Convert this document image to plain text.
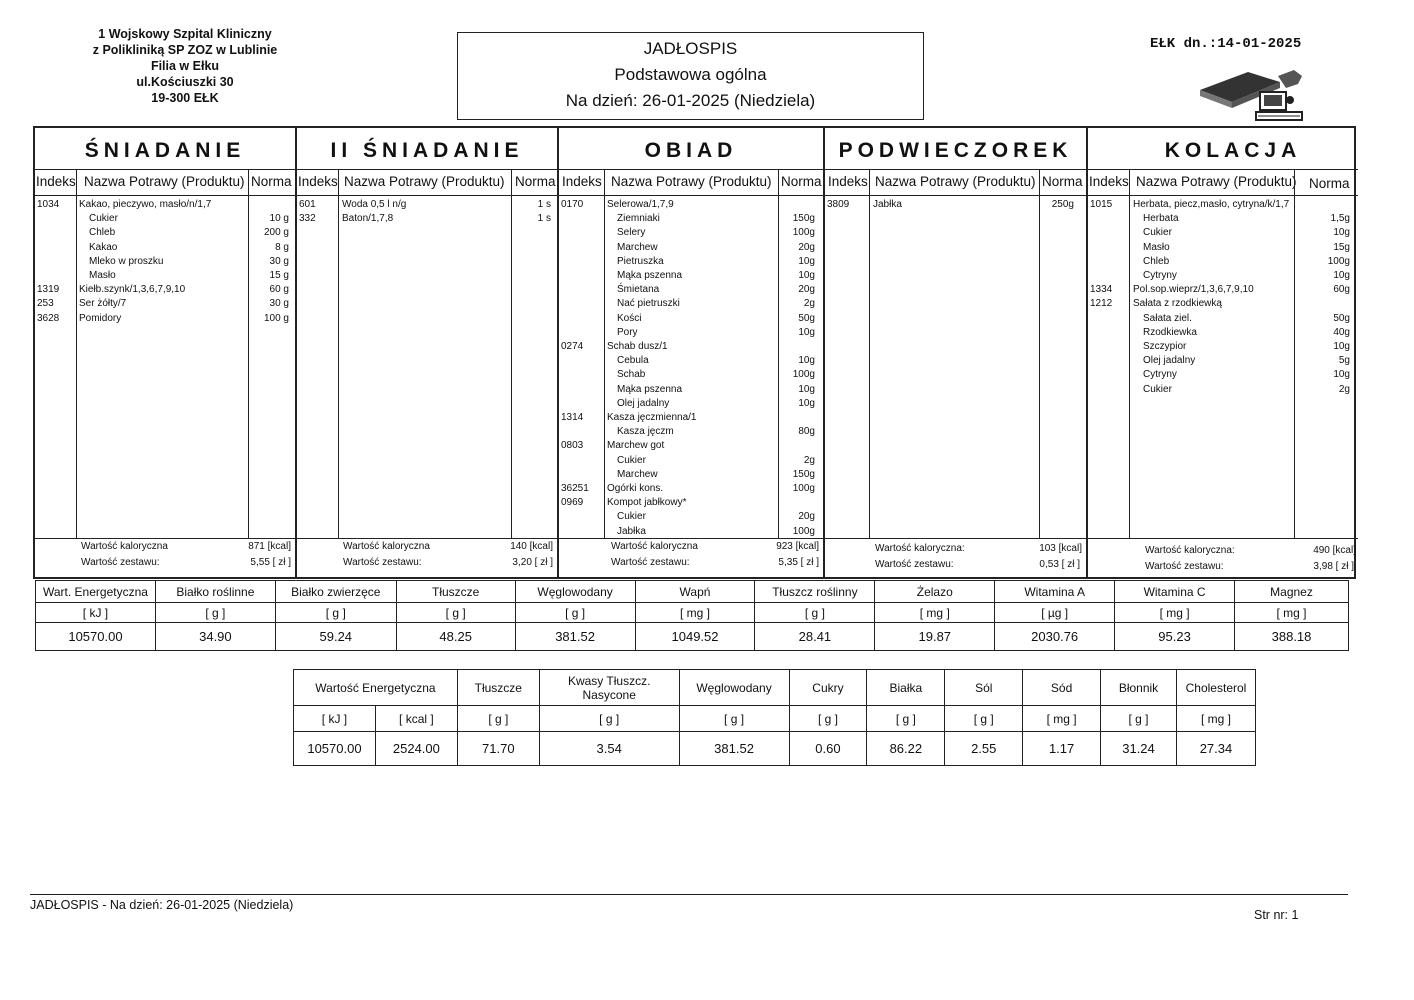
1 Wojskowy Szpital Kliniczny
z Polikliniką SP ZOZ w Lublinie
Filia w Ełku
ul.Kościuszki 30
19-300 EŁK
JADŁOSPIS
Podstawowa ogólna
Na dzień: 26-01-2025 (Niedziela)
EŁK dn.:14-01-2025
ŚNIADANIE
Indeks Nazwa Potrawy (Produktu) Norma
1034 Kakao, pieczywo, masło/n/1,7
Cukier	10 g
Chleb	200 g
Kakao	8 g
Mleko w proszku	30 g
Masło	15 g
1319 Kiełb.szynk/1,3,6,7,9,10	60 g
253	Ser żółty/7	30 g
3628 Pomidory	100 g
Wartość kaloryczna	871 [kcal]
Wartość zestawu:	5,55 [ zł ]
II ŚNIADANIE
Indeks Nazwa Potrawy (Produktu) Norma
601	Woda 0,5 l n/g	1 s
332	Baton/1,7,8	1 s
Wartość kaloryczna	140 [kcal]
Wartość zestawu:	3,20 [ zł ]
OBIAD
Indeks Nazwa Potrawy (Produktu) Norma
0170 Selerowa/1,7,9
Ziemniaki	150g
Selery	100g
Marchew	20g
Pietruszka	10g
Mąka pszenna	10g
Śmietana	20g
Nać pietruszki	2g
Kości	50g
Pory	10g
0274 Schab dusz/1
Cebula	10g
Schab	100g
Mąka pszenna	10g
Olej jadalny	10g
1314 Kasza jęczmienna/1
Kasza jęczm	80g
0803 Marchew got
Cukier	2g
Marchew	150g
36251 Ogórki kons.	100g
0969 Kompot jabłkowy*
Cukier	20g
Jabłka	100g
Wartość kaloryczna	923 [kcal]
Wartość zestawu:	5,35 [ zł ]
PODWIECZOREK
Indeks Nazwa Potrawy (Produktu) Norma
3809 Jabłka	250g
Wartość kaloryczna:	103 [kcal]
Wartość zestawu:	0,53 [ zł ]
KOLACJA
Indeks Nazwa Potrawy (Produktu) Norma
1015 Herbata, piecz,masło, cytryna/k/1,7
Herbata	1,5g
Cukier	10g
Masło	15g
Chleb	100g
Cytryny	10g
1334 Pol.sop.wieprz/1,3,6,7,9,10	60g
1212 Sałata z rzodkiewką
Sałata ziel.	50g
Rzodkiewka	40g
Szczypior	10g
Olej jadalny	5g
Cytryny	10g
Cukier	2g
Wartość kaloryczna:	490 [kcal]
Wartość zestawu:	3,98 [ zł ]
Wart. Energetyczna	Białko roślinne	Białko zwierzęce	Tłuszcze	Węglowodany	Wapń	Tłuszcz roślinny	Żelazo	Witamina A	Witamina C	Magnez
[ kJ ]	[ g ]	[ g ]	[ g ]	[ g ]	[ mg ]	[ g ]	[ mg ]	[ µg ]	[ mg ]	[ mg ]
10570.00	34.90	59.24	48.25	381.52	1049.52	28.41	19.87	2030.76	95.23	388.18
Wartość Energetyczna		Tłuszcze	Kwasy Tłuszcz. Nasycone	Węglowodany	Cukry	Białka	Sól	Sód	Błonnik	Cholesterol
[ kJ ]	[ kcal ]	[ g ]	[ g ]	[ g ]	[ g ]	[ g ]	[ g ]	[ mg ]	[ g ]	[ mg ]
10570.00	2524.00	71.70	3.54	381.52	0.60	86.22	2.55	1.17	31.24	27.34
JADŁOSPIS - Na dzień: 26-01-2025 (Niedziela)
Str nr: 1
